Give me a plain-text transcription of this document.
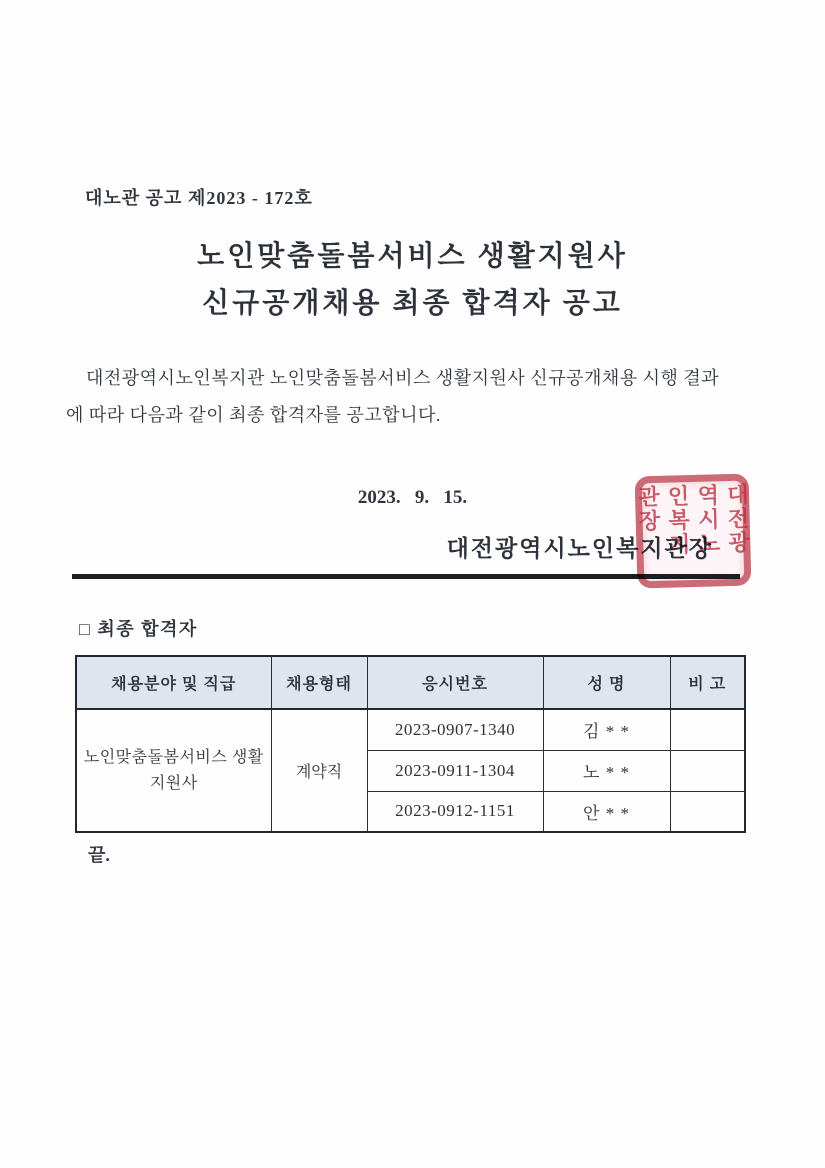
대노관 공고 제2023 - 172호
노인맞춤돌봄서비스 생활지원사
신규공개채용 최종 합격자 공고
대전광역시노인복지관 노인맞춤돌봄서비스 생활지원사 신규공개채용 시행 결과
에 따라 다음과 같이 최종 합격자를 공고합니다.
2023.   9.   15.
대전광역시노인복지관장 대전광역시노인복지관장
□ 최종 합격자
채용분야 및 직급	채용형태	응시번호	성 명	비 고
노인맞춤돌봄서비스 생활지원사	계약직	2023-0907-1340	김 * *	
		2023-0911-1304	노 * *	
		2023-0912-1151	안 * *	
끝.
